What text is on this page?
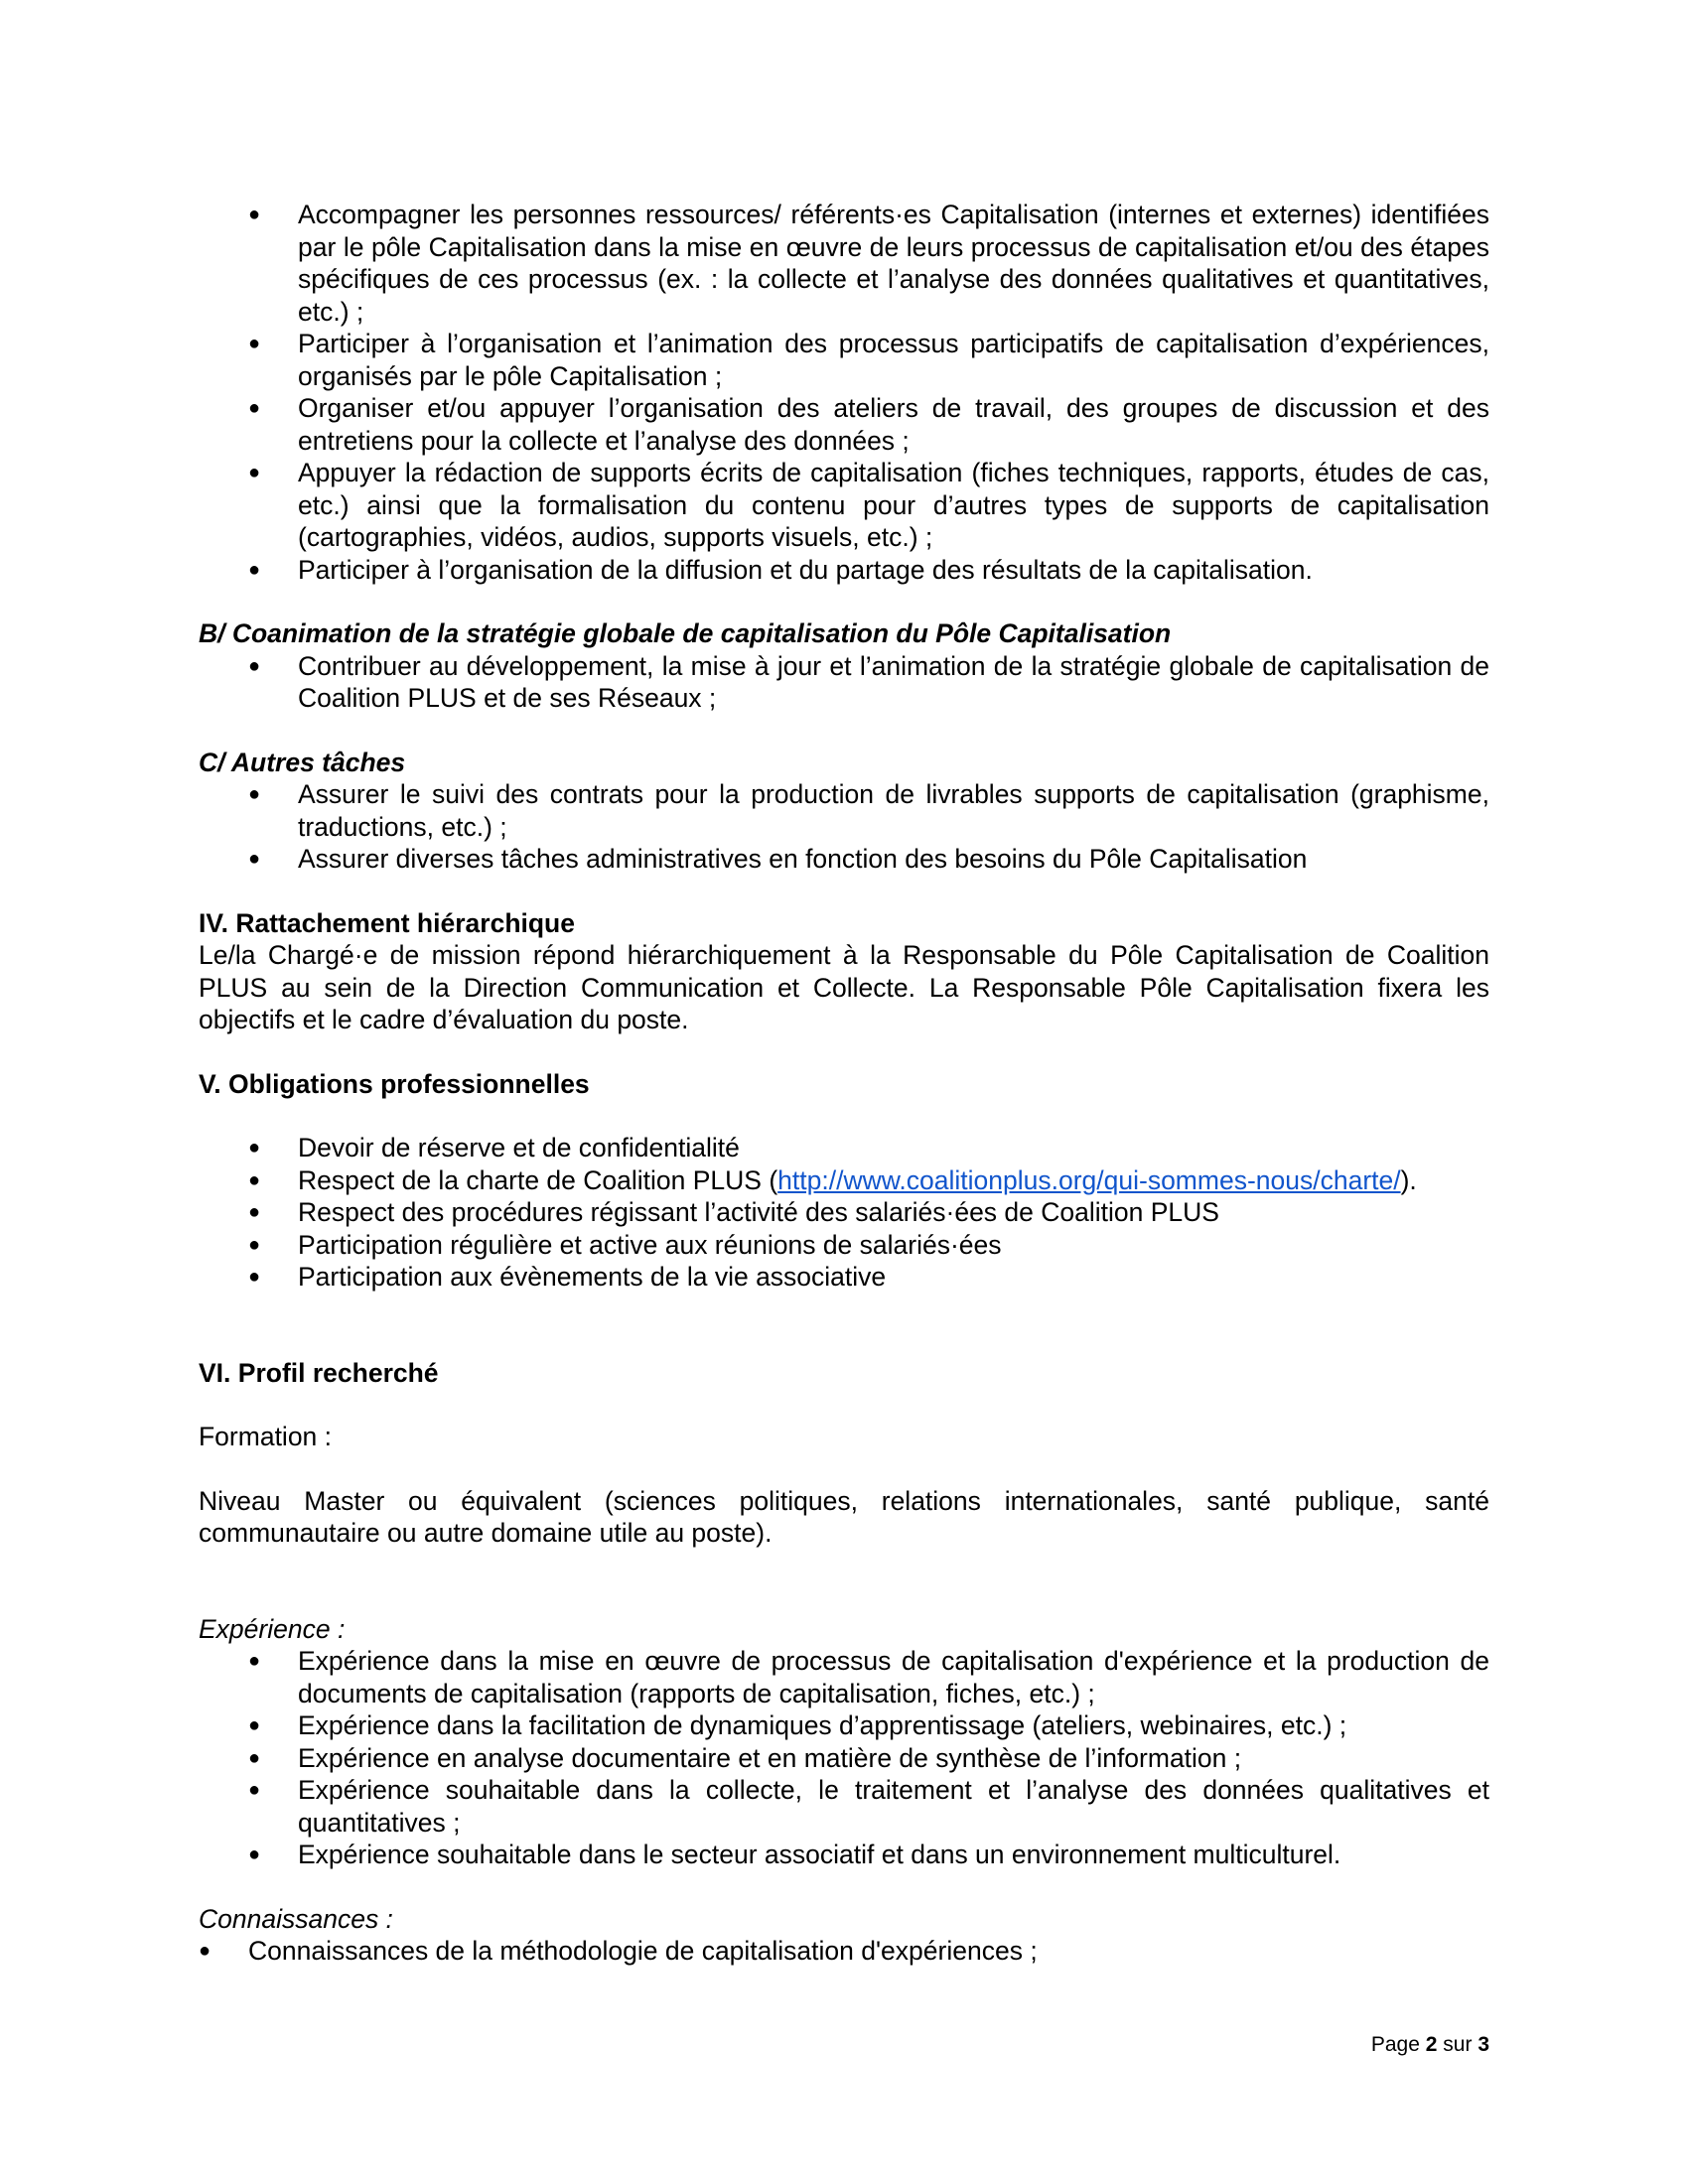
● Accompagner les personnes ressources/ référents·es Capitalisation (internes et externes) identifiées par le pôle Capitalisation dans la mise en œuvre de leurs processus de capitalisation et/ou des étapes spécifiques de ces processus (ex. : la collecte et l’analyse des données qualitatives et quantitatives, etc.) ;
● Participer à l’organisation et l’animation des processus participatifs de capitalisation d’expériences, organisés par le pôle Capitalisation ;
● Organiser et/ou appuyer l’organisation des ateliers de travail, des groupes de discussion et des entretiens pour la collecte et l’analyse des données ;
● Appuyer la rédaction de supports écrits de capitalisation (fiches techniques, rapports, études de cas, etc.) ainsi que la formalisation du contenu pour d’autres types de supports de capitalisation (cartographies, vidéos, audios, supports visuels, etc.) ;
● Participer à l’organisation de la diffusion et du partage des résultats de la capitalisation.

B/ Coanimation de la stratégie globale de capitalisation du Pôle Capitalisation

● Contribuer au développement, la mise à jour et l’animation de la stratégie globale de capitalisation de Coalition PLUS et de ses Réseaux ;

C/ Autres tâches

● Assurer le suivi des contrats pour la production de livrables supports de capitalisation (graphisme, traductions, etc.) ;
● Assurer diverses tâches administratives en fonction des besoins du Pôle Capitalisation

IV. Rattachement hiérarchique

Le/la Chargé·e de mission répond hiérarchiquement à la Responsable du Pôle Capitalisation de Coalition PLUS au sein de la Direction Communication et Collecte. La Responsable Pôle Capitalisation fixera les objectifs et le cadre d’évaluation du poste.

V. Obligations professionnelles

● Devoir de réserve et de confidentialité
● Respect de la charte de Coalition PLUS (http://www.coalitionplus.org/qui-sommes-nous/charte/).
● Respect des procédures régissant l’activité des salariés·ées de Coalition PLUS
● Participation régulière et active aux réunions de salariés·ées
● Participation aux évènements de la vie associative

VI. Profil recherché

Formation :

Niveau Master ou équivalent (sciences politiques, relations internationales, santé publique, santé communautaire ou autre domaine utile au poste).

Expérience :

● Expérience dans la mise en œuvre de processus de capitalisation d'expérience et la production de documents de capitalisation (rapports de capitalisation, fiches, etc.) ;
● Expérience dans la facilitation de dynamiques d’apprentissage (ateliers, webinaires, etc.) ;
● Expérience en analyse documentaire et en matière de synthèse de l’information ;
● Expérience souhaitable dans la collecte, le traitement et l’analyse des données qualitatives et quantitatives ;
● Expérience souhaitable dans le secteur associatif et dans un environnement multiculturel.

Connaissances :

● Connaissances de la méthodologie de capitalisation d'expériences ;
Page 2 sur 3
